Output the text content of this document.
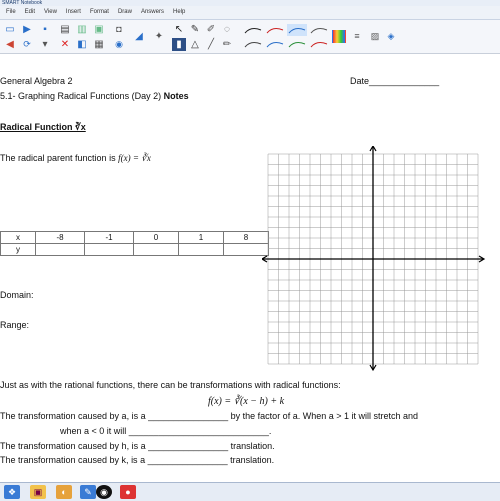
SMART Notebook
File Edit View Insert Format Draw Answers Help
▭
◀
▶
⟳
▪
▾
▤
✕
▥
◧
▣
▦
◘
◉
◢	✦
↖
▮
✎
△
✐
╱
◌
✏
≡	▨ ◈
General Algebra 2	Date______________
5.1- Graphing Radical Functions (Day 2) Notes
Radical Function ∛x
The radical parent function is f(x) = ∛x
x	-8	-1	0	1	8
y					
Domain:
Range:
Just as with the rational functions, there can be transformations with radical functions:
f(x) = ∛(x − h) + k
The transformation caused by a, is a ________________ by the factor of a. When a > 1 it will stretch and
when a < 0 it will ____________________________.
The transformation caused by h, is a ________________ translation.
The transformation caused by k, is a ________________ translation.
❖	▣	◐	✎ ◉	●
